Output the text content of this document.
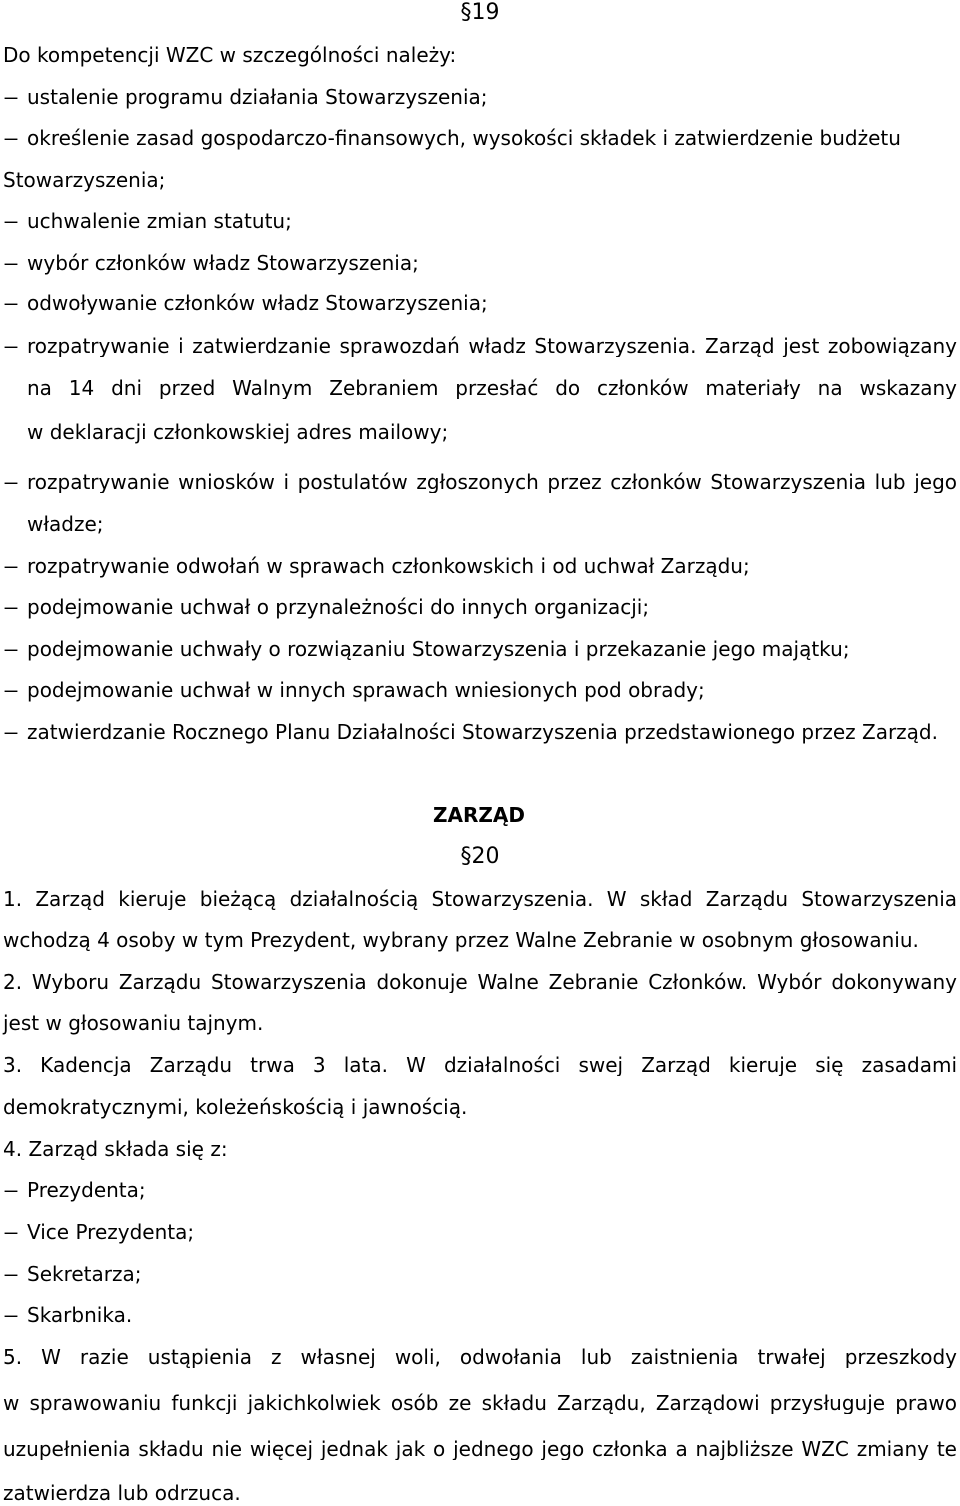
§19
Do kompetencji WZC w szczególności należy:
– ustalenie programu działania Stowarzyszenia;
– określenie zasad gospodarczo-finansowych, wysokości składek i zatwierdzenie budżetu
Stowarzyszenia;
– uchwalenie zmian statutu;
– wybór członków władz Stowarzyszenia;
– odwoływanie członków władz Stowarzyszenia;
– rozpatrywanie i zatwierdzanie sprawozdań władz Stowarzyszenia. Zarząd jest zobowiązany
na 14 dni przed Walnym Zebraniem przesłać do członków materiały na wskazany
w deklaracji członkowskiej adres mailowy;
– rozpatrywanie wniosków i postulatów zgłoszonych przez członków Stowarzyszenia lub jego
władze;
– rozpatrywanie odwołań w sprawach członkowskich i od uchwał Zarządu;
– podejmowanie uchwał o przynależności do innych organizacji;
– podejmowanie uchwały o rozwiązaniu Stowarzyszenia i przekazanie jego majątku;
– podejmowanie uchwał w innych sprawach wniesionych pod obrady;
– zatwierdzanie Rocznego Planu Działalności Stowarzyszenia przedstawionego przez Zarząd.
ZARZĄD
§20
1. Zarząd kieruje bieżącą działalnością Stowarzyszenia. W skład Zarządu Stowarzyszenia
wchodzą 4 osoby w tym Prezydent, wybrany przez Walne Zebranie w osobnym głosowaniu.
2. Wyboru Zarządu Stowarzyszenia dokonuje Walne Zebranie Członków. Wybór dokonywany
jest w głosowaniu tajnym.
3. Kadencja Zarządu trwa 3 lata. W działalności swej Zarząd kieruje się zasadami
demokratycznymi, koleżeńskością i jawnością.
4. Zarząd składa się z:
– Prezydenta;
– Vice Prezydenta;
– Sekretarza;
– Skarbnika.
5. W razie ustąpienia z własnej woli, odwołania lub zaistnienia trwałej przeszkody
w sprawowaniu funkcji jakichkolwiek osób ze składu Zarządu, Zarządowi przysługuje prawo
uzupełnienia składu nie więcej jednak jak o jednego jego członka a najbliższe WZC zmiany te
zatwierdza lub odrzuca.
